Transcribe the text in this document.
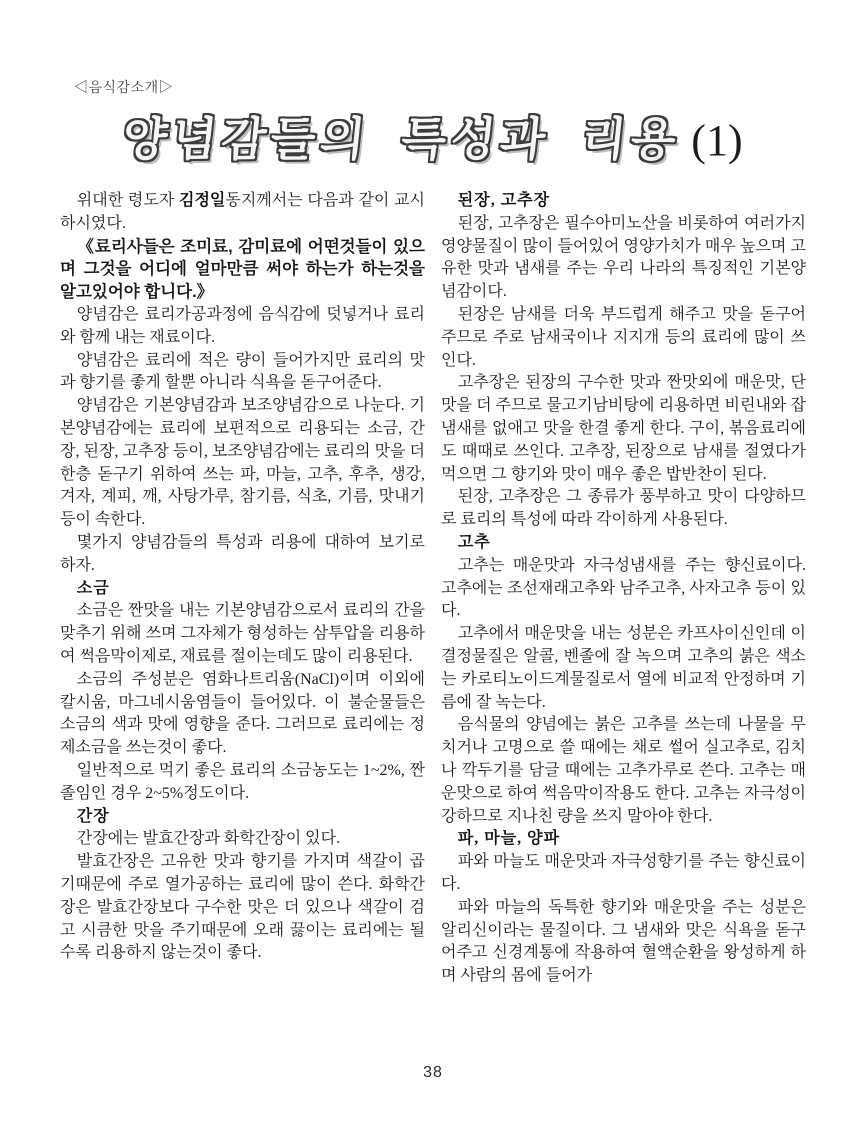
◁음식감소개▷
양념감들의 특성과 리용 (1)

위대한 령도자 김정일동지께서는 다음과 같이 교시하시였다.

《료리사들은 조미료, 감미료에 어떤것들이 있으며 그것을 어디에 얼마만큼 써야 하는가 하는것을 알고있어야 합니다.》

양념감은 료리가공과정에 음식감에 덧넣거나 료리와 함께 내는 재료이다.

양념감은 료리에 적은 량이 들어가지만 료리의 맛과 향기를 좋게 할뿐 아니라 식욕을 돋구어준다.

양념감은 기본양념감과 보조양념감으로 나눈다. 기본양념감에는 료리에 보편적으로 리용되는 소금, 간장, 된장, 고추장 등이, 보조양념감에는 료리의 맛을 더 한층 돋구기 위하여 쓰는 파, 마늘, 고추, 후추, 생강, 겨자, 계피, 깨, 사탕가루, 참기름, 식초, 기름, 맛내기 등이 속한다.

몇가지 양념감들의 특성과 리용에 대하여 보기로 하자.

소금

소금은 짠맛을 내는 기본양념감으로서 료리의 간을 맞추기 위해 쓰며 그자체가 형성하는 삼투압을 리용하여 썩음막이제로, 재료를 절이는데도 많이 리용된다.

소금의 주성분은 염화나트리움(NaCl)이며 이외에 칼시움, 마그네시움염들이 들어있다. 이 불순물들은 소금의 색과 맛에 영향을 준다. 그러므로 료리에는 정제소금을 쓰는것이 좋다.

일반적으로 먹기 좋은 료리의 소금농도는 1~2%, 짠 졸임인 경우 2~5%정도이다.

간장

간장에는 발효간장과 화학간장이 있다.

발효간장은 고유한 맛과 향기를 가지며 색갈이 곱기때문에 주로 열가공하는 료리에 많이 쓴다. 화학간장은 발효간장보다 구수한 맛은 더 있으나 색갈이 검고 시큼한 맛을 주기때문에 오래 끓이는 료리에는 될수록 리용하지 않는것이 좋다.

된장, 고추장

된장, 고추장은 필수아미노산을 비롯하여 여러가지 영양물질이 많이 들어있어 영양가치가 매우 높으며 고유한 맛과 냄새를 주는 우리 나라의 특징적인 기본양념감이다.

된장은 남새를 더욱 부드럽게 해주고 맛을 돋구어주므로 주로 남새국이나 지지개 등의 료리에 많이 쓰인다.

고추장은 된장의 구수한 맛과 짠맛외에 매운맛, 단맛을 더 주므로 물고기남비탕에 리용하면 비린내와 잡냄새를 없애고 맛을 한결 좋게 한다. 구이, 볶음료리에도 때때로 쓰인다. 고추장, 된장으로 남새를 절였다가 먹으면 그 향기와 맛이 매우 좋은 밥반찬이 된다.

된장, 고추장은 그 종류가 풍부하고 맛이 다양하므로 료리의 특성에 따라 각이하게 사용된다.

고추

고추는 매운맛과 자극성냄새를 주는 향신료이다. 고추에는 조선재래고추와 남주고추, 사자고추 등이 있다.

고추에서 매운맛을 내는 성분은 카프사이신인데 이 결정물질은 알콜, 벤졸에 잘 녹으며 고추의 붉은 색소는 카로티노이드계물질로서 열에 비교적 안정하며 기름에 잘 녹는다.

음식물의 양념에는 붉은 고추를 쓰는데 나물을 무치거나 고명으로 쓸 때에는 채로 썰어 실고추로, 김치나 깍두기를 담글 때에는 고추가루로 쓴다. 고추는 매운맛으로 하여 썩음막이작용도 한다. 고추는 자극성이 강하므로 지나친 량을 쓰지 말아야 한다.

파, 마늘, 양파

파와 마늘도 매운맛과 자극성향기를 주는 향신료이다.

파와 마늘의 독특한 향기와 매운맛을 주는 성분은 알리신이라는 물질이다. 그 냄새와 맛은 식욕을 돋구어주고 신경계통에 작용하여 혈액순환을 왕성하게 하며 사람의 몸에 들어가

38
